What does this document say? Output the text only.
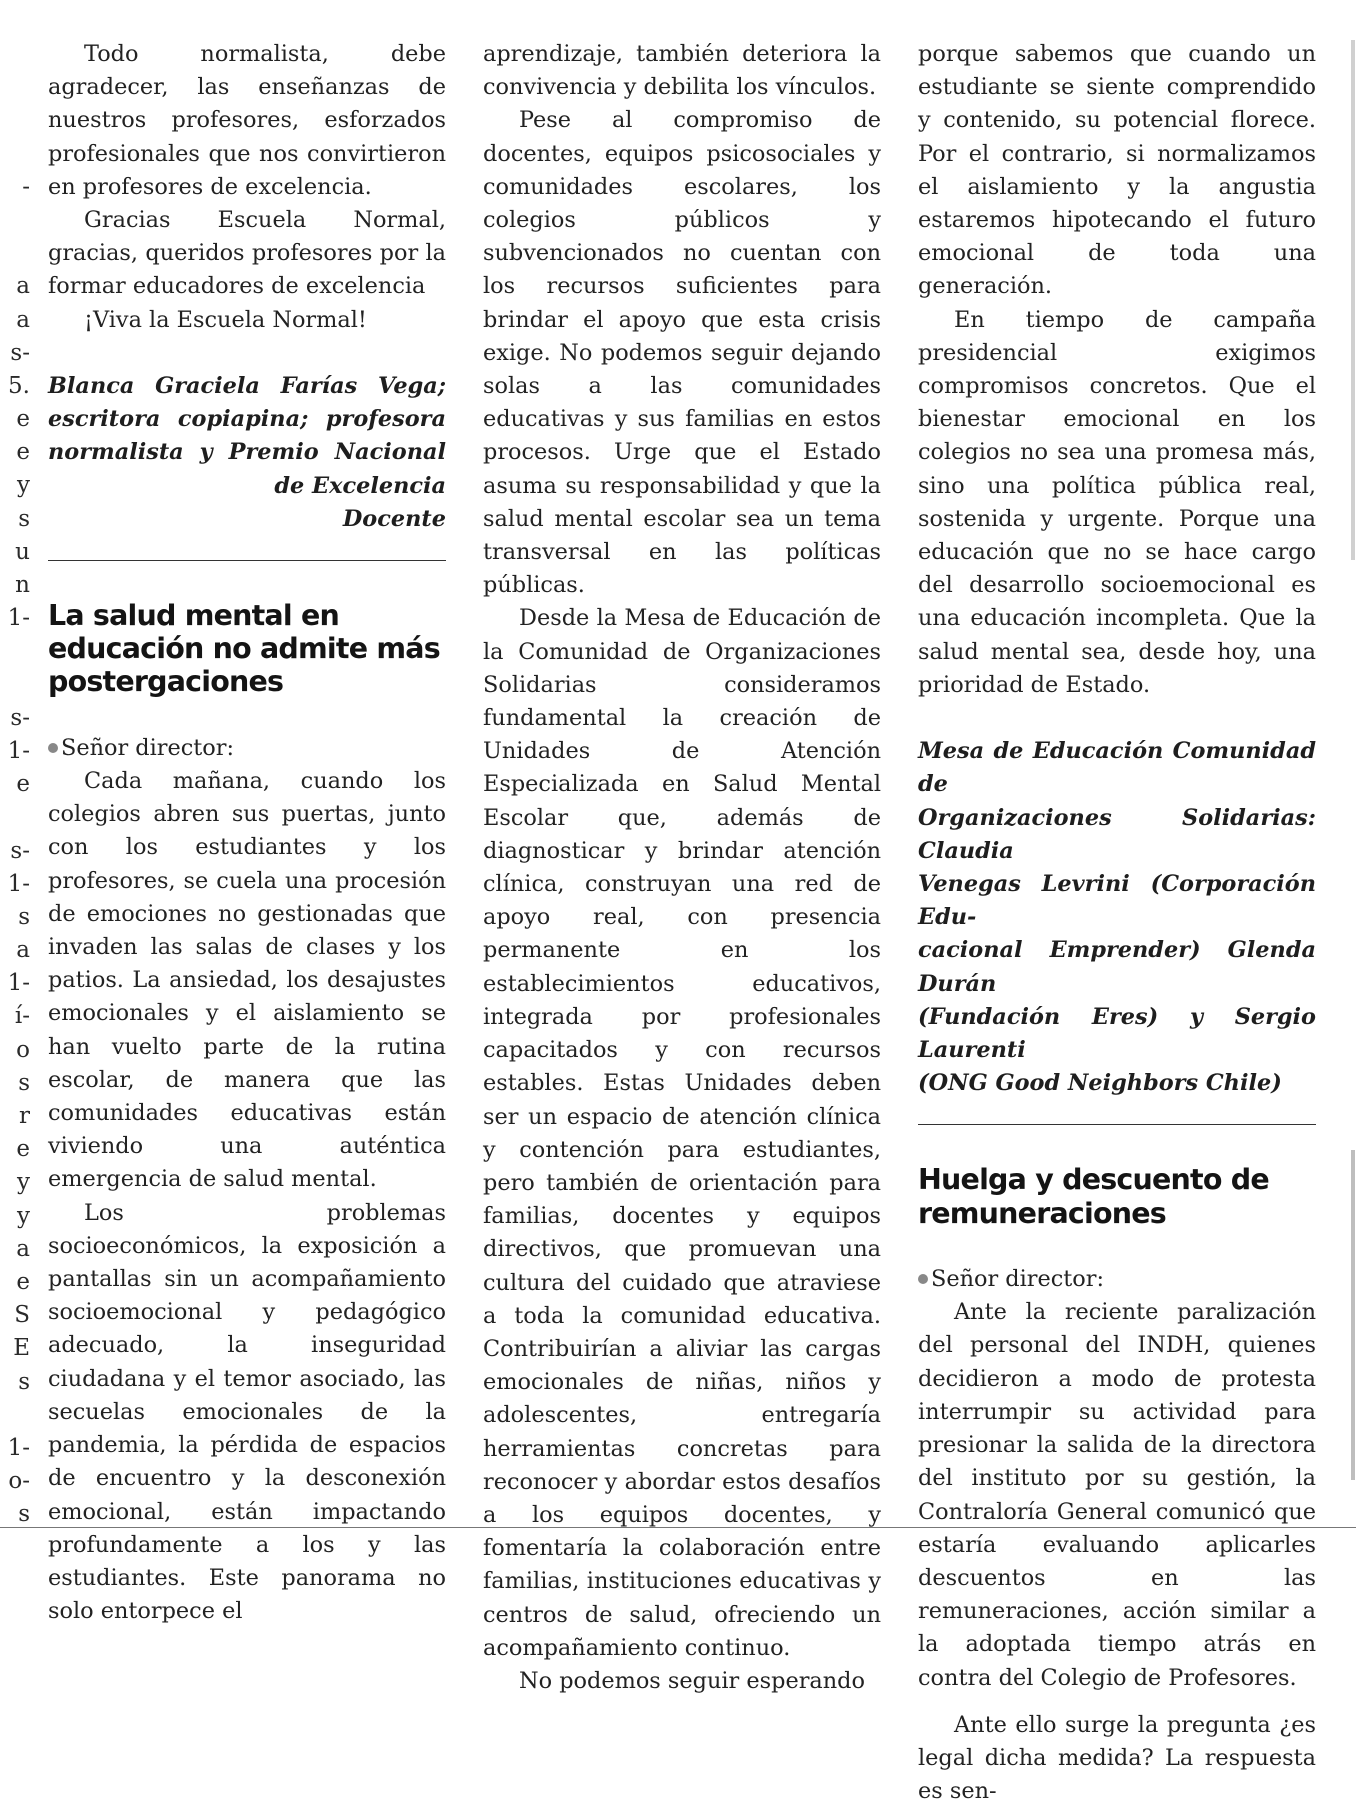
-
a
a
s-
5.
e
e
y
s
u
n
1-
s-
1-
e
s-
1-
s
a
1-
í-
o
s
r
e
y
y
a
e
S
E
s
1-
o-
s

Todo normalista, debe agradecer, las enseñanzas de nuestros profesores, esforzados profesionales que nos convirtieron en profesores de excelencia.

Gracias Escuela Normal, gracias, queridos profesores por la formar educadores de excelencia

¡Viva la Escuela Normal!

Blanca Graciela Farías Vega; escritora copiapina; profesora normalista y Premio Nacional de Excelencia
Docente

La salud mental en educación no admite más postergaciones

Señor director:

Cada mañana, cuando los colegios abren sus puertas, junto con los estudiantes y los profesores, se cuela una procesión de emociones no gestionadas que invaden las salas de clases y los patios. La ansiedad, los desajustes emocionales y el aislamiento se han vuelto parte de la rutina escolar, de manera que las comunidades educativas están viviendo una auténtica emergencia de salud mental.

Los problemas socioeconómicos, la exposición a pantallas sin un acompañamiento socioemocional y pedagógico adecuado, la inseguridad ciudadana y el temor asociado, las secuelas emocionales de la pandemia, la pérdida de espacios de encuentro y la desconexión emocional, están impactando profundamente a los y las estudiantes. Este panorama no solo entorpece el

aprendizaje, también deteriora la convivencia y debilita los vínculos.

Pese al compromiso de docentes, equipos psicosociales y comunidades escolares, los colegios públicos y subvencionados no cuentan con los recursos suficientes para brindar el apoyo que esta crisis exige. No podemos seguir dejando solas a las comunidades educativas y sus familias en estos procesos. Urge que el Estado asuma su responsabilidad y que la salud mental escolar sea un tema transversal en las políticas públicas.

Desde la Mesa de Educación de la Comunidad de Organizaciones Solidarias consideramos fundamental la creación de Unidades de Atención Especializada en Salud Mental Escolar que, además de diagnosticar y brindar atención clínica, construyan una red de apoyo real, con presencia permanente en los establecimientos educativos, integrada por profesionales capacitados y con recursos estables. Estas Unidades deben ser un espacio de atención clínica y contención para estudiantes, pero también de orientación para familias, docentes y equipos directivos, que promuevan una cultura del cuidado que atraviese a toda la comunidad educativa. Contribuirían a aliviar las cargas emocionales de niñas, niños y adolescentes, entregaría herramientas concretas para reconocer y abordar estos desafíos a los equipos docentes, y fomentaría la colaboración entre familias, instituciones educativas y centros de salud, ofreciendo un acompañamiento continuo.

No podemos seguir esperando

porque sabemos que cuando un estudiante se siente comprendido y contenido, su potencial florece. Por el contrario, si normalizamos el aislamiento y la angustia estaremos hipotecando el futuro emocional de toda una generación.

En tiempo de campaña presidencial exigimos compromisos concretos. Que el bienestar emocional en los colegios no sea una promesa más, sino una política pública real, sostenida y urgente. Porque una educación que no se hace cargo del desarrollo socioemocional es una educación incompleta. Que la salud mental sea, desde hoy, una prioridad de Estado.

Mesa de Educación Comunidad de

Organizaciones Solidarias: Claudia

Venegas Levrini (Corporación Edu-

cacional Emprender) Glenda Durán

(Fundación Eres) y Sergio Laurenti

(ONG Good Neighbors Chile)

Huelga y descuento de remuneraciones

Señor director:

Ante la reciente paralización del personal del INDH, quienes decidieron a modo de protesta interrumpir su actividad para presionar la salida de la directora del instituto por su gestión, la Contraloría General comunicó que estaría evaluando aplicarles descuentos en las remuneraciones, acción similar a la adoptada tiempo atrás en contra del Colegio de Profesores.

Ante ello surge la pregunta ¿es legal dicha medida? La respuesta es sen-
